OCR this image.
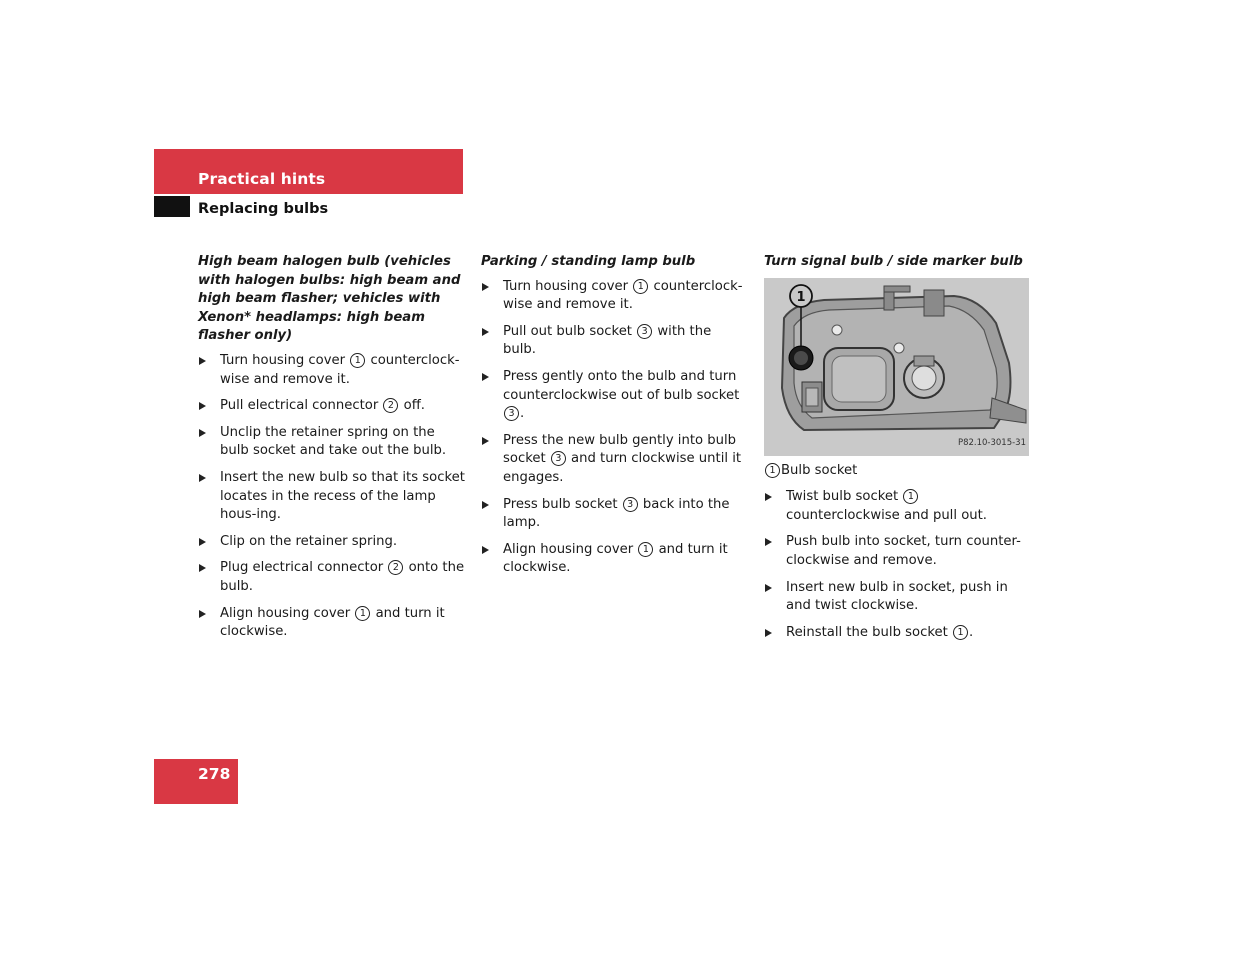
Practical hints
Replacing bulbs
High beam halogen bulb (vehicles with halogen bulbs: high beam and high beam flasher; vehicles with Xenon* headlamps: high beam flasher only)
Turn housing cover 1 counterclock-wise and remove it.
Pull electrical connector 2 off.
Unclip the retainer spring on the bulb socket and take out the bulb.
Insert the new bulb so that its socket locates in the recess of the lamp hous-ing.
Clip on the retainer spring.
Plug electrical connector 2 onto the bulb.
Align housing cover 1 and turn it clockwise.
Parking / standing lamp bulb
Turn housing cover 1 counterclock-wise and remove it.
Pull out bulb socket 3 with the bulb.
Press gently onto the bulb and turn counterclockwise out of bulb socket 3 .
Press the new bulb gently into bulb socket 3 and turn clockwise until it engages.
Press bulb socket 3 back into the lamp.
Align housing cover 1 and turn it clockwise.
Turn signal bulb / side marker bulb
1
P82.10-3015-31
1 Bulb socket
Twist bulb socket 1 counterclockwise and pull out.
Push bulb into socket, turn counter-clockwise and remove.
Insert new bulb in socket, push in and twist clockwise.
Reinstall the bulb socket 1 .
278
